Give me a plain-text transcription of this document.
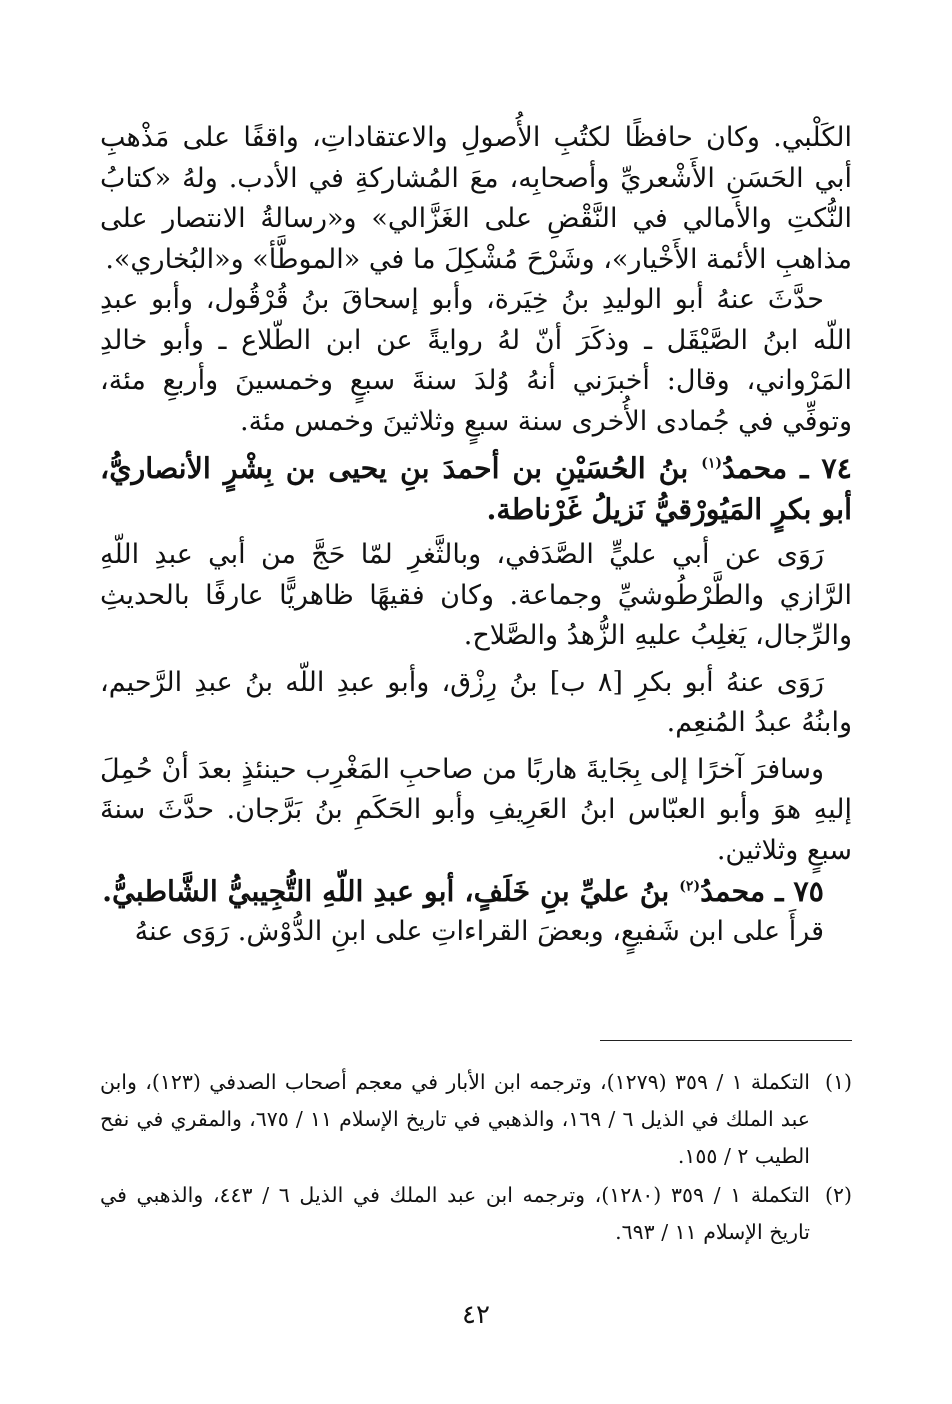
الكَلْبي. وكان حافظًا لكتُبِ الأُصولِ والاعتقاداتِ، واقفًا على مَذْهبِ أبي الحَسَنِ الأَشْعريِّ وأصحابِه، معَ المُشاركةِ في الأدب. ولهُ «كتابُ النُّكتِ والأمالي في النَّقْضِ على الغَزَّالي» و«رسالةُ الانتصار على مذاهبِ الأئمة الأَخْيار»، وشَرْحَ مُشْكِلَ ما في «الموطَّأ» و«البُخاري».

حدَّثَ عنهُ أبو الوليدِ بنُ خِيَرة، وأبو إسحاقَ بنُ قُرْقُول، وأبو عبدِ اللّه ابنُ الصَّيْقَل ـ وذكَرَ أنّ لهُ روايةً عن ابن الطّلاع ـ وأبو خالدِ المَرْواني، وقال: أخبرَني أنهُ وُلدَ سنةَ سبعٍ وخمسينَ وأربعِ مئة، وتوفِّي في جُمادى الأُخرى سنة سبعٍ وثلاثينَ وخمس مئة.

٧٤ ـ محمدُ$^{(١)}$ بنُ الحُسَيْنِ بن أحمدَ بنِ يحيى بن بِشْرٍ الأنصاريُّ، أبو بكرٍ المَيُورْقيُّ نَزيلُ غَرْناطة.

رَوَى عن أبي عليٍّ الصَّدَفي، وبالثَّغرِ لمّا حَجَّ من أبي عبدِ اللّهِ الرَّازي والطَّرْطُوشيِّ وجماعة. وكان فقيهًا ظاهريًّا عارفًا بالحديثِ والرِّجال، يَغلِبُ عليهِ الزُّهدُ والصَّلاح.

رَوَى عنهُ أبو بكرِ [٨ ب] بنُ رِزْق، وأبو عبدِ اللّه بنُ عبدِ الرَّحيم، وابنُهُ عبدُ المُنعِم.

وسافرَ آخرًا إلى بِجَايةَ هاربًا من صاحبِ المَغْرِب حينئذٍ بعدَ أنْ حُمِلَ إليهِ هوَ وأبو العبّاس ابنُ العَرِيفِ وأبو الحَكَمِ بنُ بَرَّجان. حدَّثَ سنةَ سبعٍ وثلاثين.

٧٥ ـ محمدُ$^{(٢)}$ بنُ عليِّ بنِ خَلَفٍ، أبو عبدِ اللّهِ التُّجِيبيُّ الشَّاطبيُّ.

قرأَ على ابن شَفيعٍ، وبعضَ القراءاتِ على ابنِ الدُّوْش. رَوَى عنهُ

(١)
التكملة ١ / ٣٥٩ (١٢٧٩)، وترجمه ابن الأبار في معجم أصحاب الصدفي (١٢٣)، وابن عبد الملك في الذيل ٦ / ١٦٩، والذهبي في تاريخ الإسلام ١١ / ٦٧٥، والمقري في نفح الطيب ٢ / ١٥٥.
(٢)
التكملة ١ / ٣٥٩ (١٢٨٠)، وترجمه ابن عبد الملك في الذيل ٦ / ٤٤٣، والذهبي في تاريخ الإسلام ١١ / ٦٩٣.
٤٢
